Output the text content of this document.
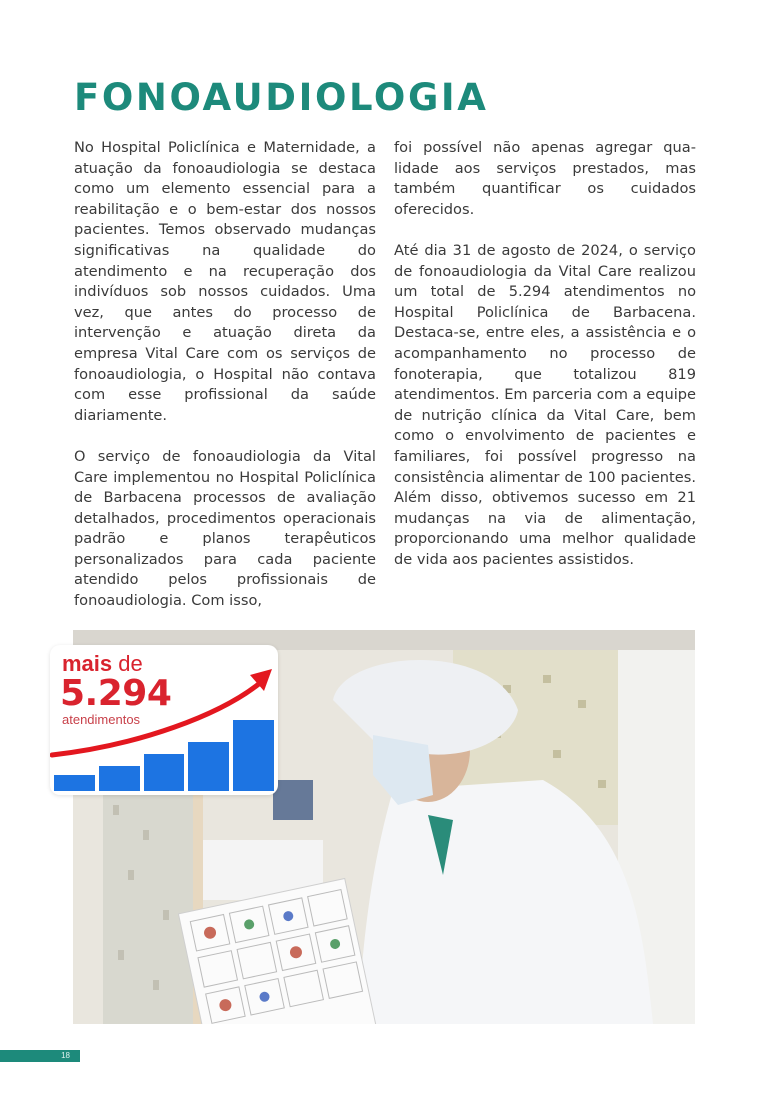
FONOAUDIOLOGIA

No Hospital Policlínica e Maternidade, a atuação da fonoaudiologia se destaca como um elemento essencial para a reabilitação e o bem-estar dos nossos pacientes. Temos observado mudanças significativas na qualidade do atendimento e na recuperação dos indivíduos sob nossos cuidados. Uma vez, que antes do processo de intervenção e atuação direta da empresa Vital Care com os serviços de fonoaudiologia, o Hospital não contava com esse profissional da saúde diariamente.

O serviço de fonoaudiologia da Vital Care implementou no Hospital Policlínica de Barbacena processos de avaliação detalhados, procedimentos operacionais padrão e planos terapêuticos personalizados para cada paciente atendido pelos profissionais de fonoaudiologia. Com isso,

foi possível não apenas agregar qualidade aos serviços prestados, mas também quantificar os cuidados oferecidos.

Até dia 31 de agosto de 2024, o serviço de fonoaudiologia da Vital Care realizou um total de 5.294 atendimentos no Hospital Policlínica de Barbacena. Destaca-se, entre eles, a assistência e o acompanhamento no processo de fonoterapia, que totalizou 819 atendimentos. Em parceria com a equipe de nutrição clínica da Vital Care, bem como o envolvimento de pacientes e familiares, foi possível progresso na consistência alimentar de 100 pacientes. Além disso, obtivemos sucesso em 21 mudanças na via de alimentação, proporcionando uma melhor qualidade de vida aos pacientes assistidos.

mais de
5.294
atendimentos
18
